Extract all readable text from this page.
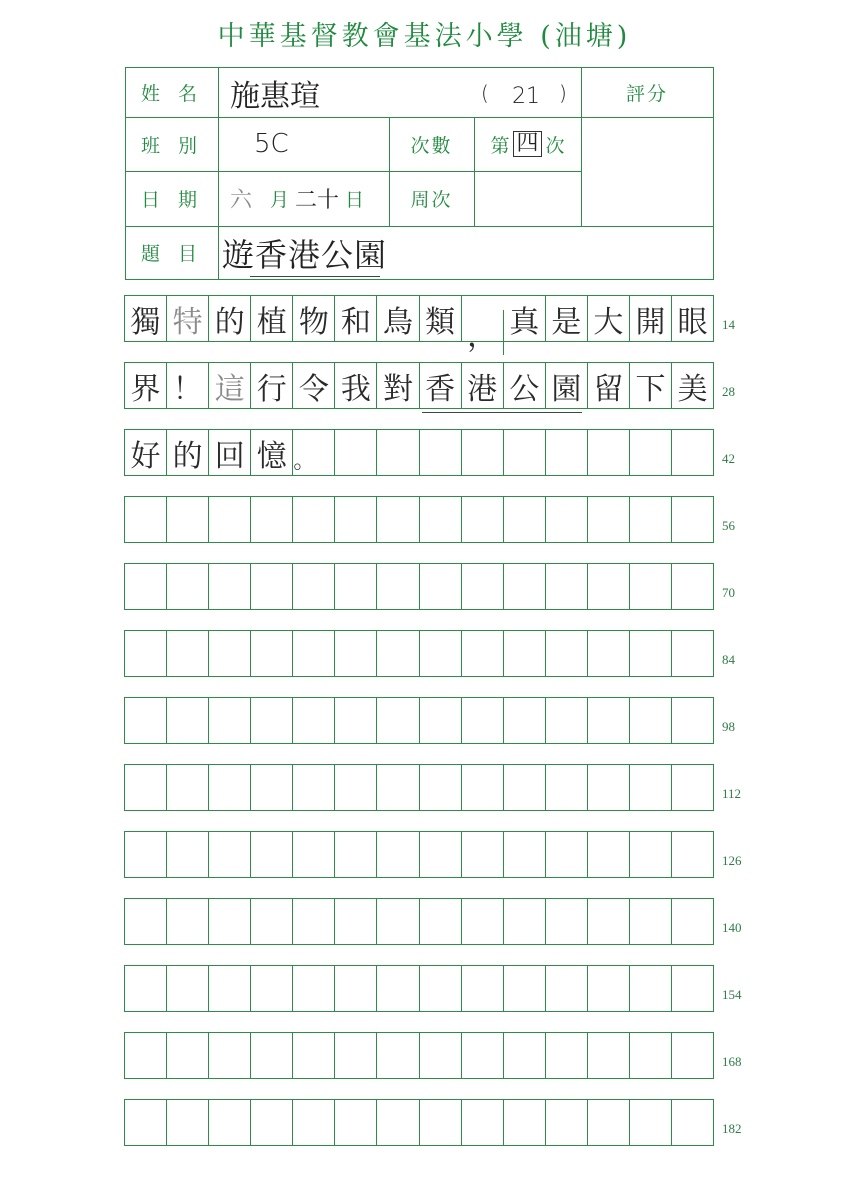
中華基督教會基法小學 (油塘)
姓 名 施惠瑄	(	21 )	評分
班 別	5C	次數	第 四 次
日 期	六 月 二十 日	周次
題 目 遊香港公園
獨 特 的 植 物 和 鳥 類 ， 真 是 大 開 眼	14
界 ！ 這 行 令 我 對 香 港 公 園 留 下 美	28
好 的 回 憶 。	42
56
70
84
98
112
126
140
154
168
182
